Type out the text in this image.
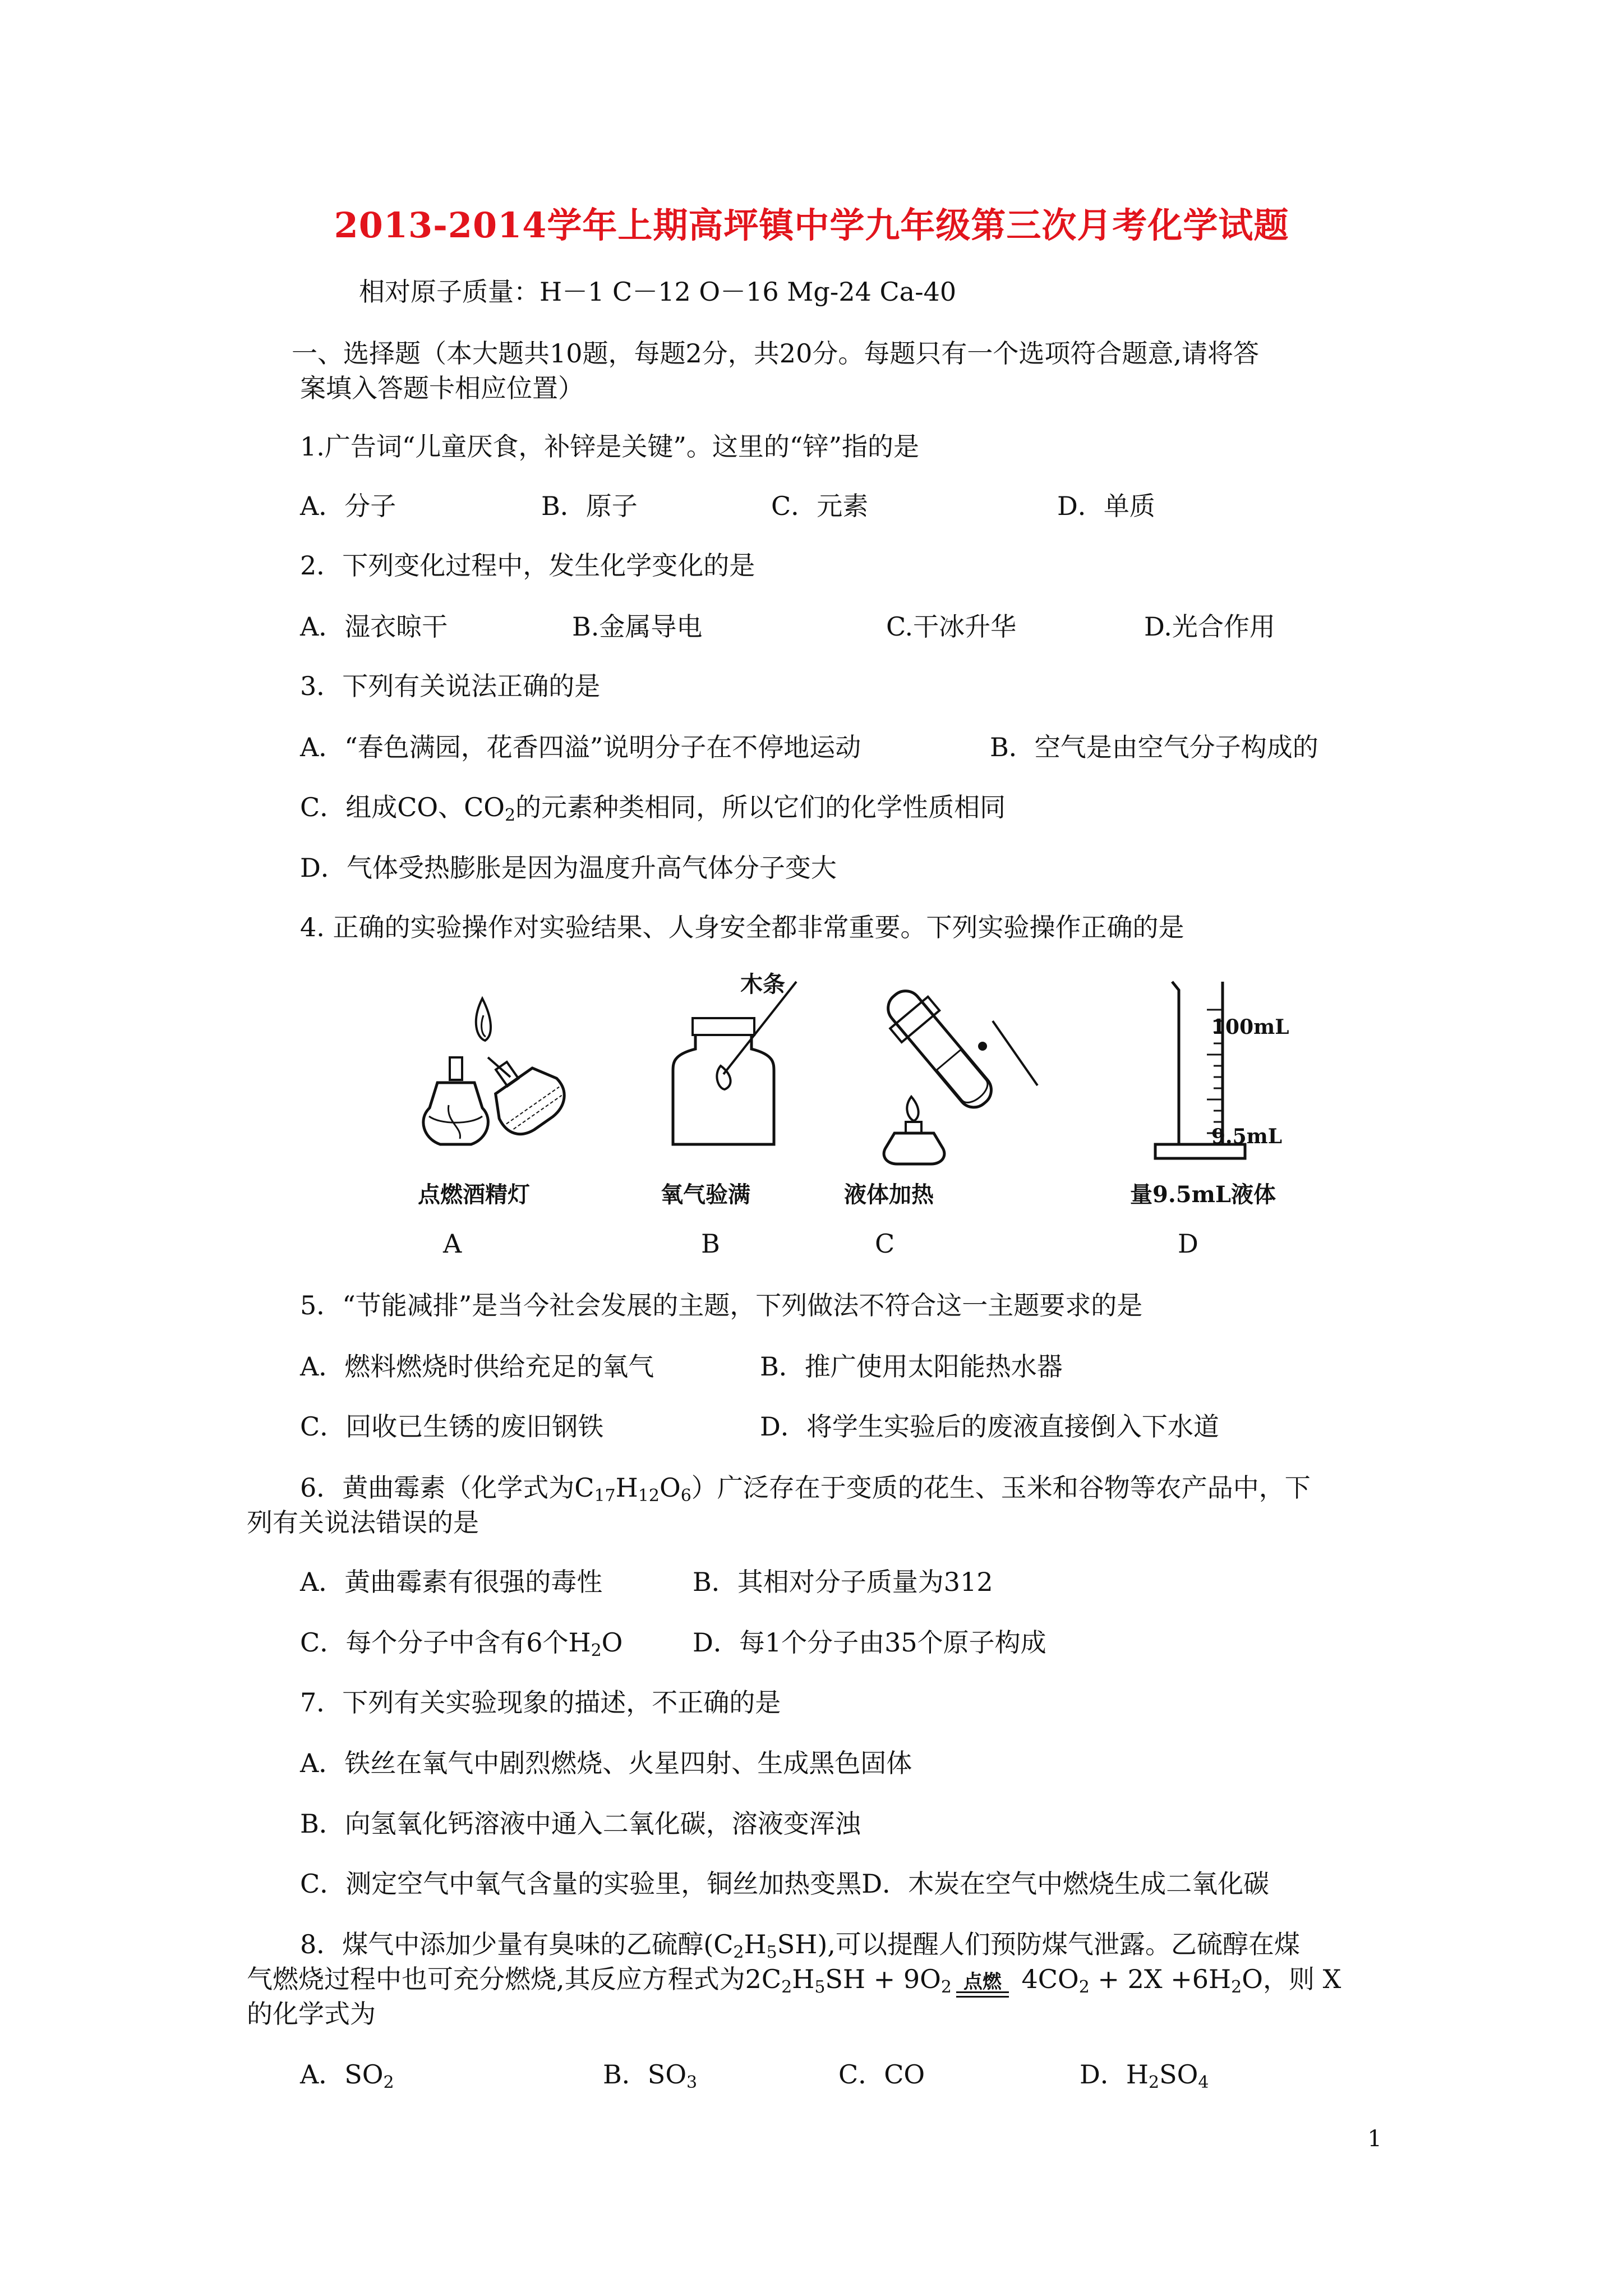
2013-2014学年上期高坪镇中学九年级第三次月考化学试题
相对原子质量：H－1 C－12 O－16 Mg-24 Ca-40
一、选择题（本大题共10题，每题2分，共20分。每题只有一个选项符合题意,请将答
案填入答题卡相应位置）
1.广告词“儿童厌食，补锌是关键”。这里的“锌”指的是
A．分子	B．原子	C．元素	D．单质
2．下列变化过程中，发生化学变化的是
A．湿衣晾干	B.金属导电	C.干冰升华	D.光合作用
3．下列有关说法正确的是
A．“春色满园，花香四溢”说明分子在不停地运动	B．空气是由空气分子构成的
C．组成CO、$CO_2$的元素种类相同，所以它们的化学性质相同
D．气体受热膨胀是因为温度升高气体分子变大
4. 正确的实验操作对实验结果、人身安全都非常重要。下列实验操作正确的是
点燃酒精灯
A
木条
氧气验满
B
液体加热
C
100mL
9.5mL
量9.5mL液体
D
5．“节能减排”是当今社会发展的主题，下列做法不符合这一主题要求的是
A．燃料燃烧时供给充足的氧气	B．推广使用太阳能热水器
C．回收已生锈的废旧钢铁	D．将学生实验后的废液直接倒入下水道
6．黄曲霉素（化学式为$C_{17}H_{12}O_6$）广泛存在于变质的花生、玉米和谷物等农产品中，下
列有关说法错误的是
A．黄曲霉素有很强的毒性	B．其相对分子质量为312
C．每个分子中含有6个$H_2O$	D．每1个分子由35个原子构成
7．下列有关实验现象的描述，不正确的是
A．铁丝在氧气中剧烈燃烧、火星四射、生成黑色固体
B．向氢氧化钙溶液中通入二氧化碳，溶液变浑浊
C．测定空气中氧气含量的实验里，铜丝加热变黑D．木炭在空气中燃烧生成二氧化碳
8．煤气中添加少量有臭味的乙硫醇$(C_2H_5SH)$,可以提醒人们预防煤气泄露。乙硫醇在煤
气燃烧过程中也可充分燃烧,其反应方程式为$2C_2H_5SH + 9O_2$ 点燃
$4CO_2 + 2X +6H_2O$，则 X
的化学式为
A．$SO_2$	B．$SO_3$	C．CO	D．$H_2SO_4$
1
